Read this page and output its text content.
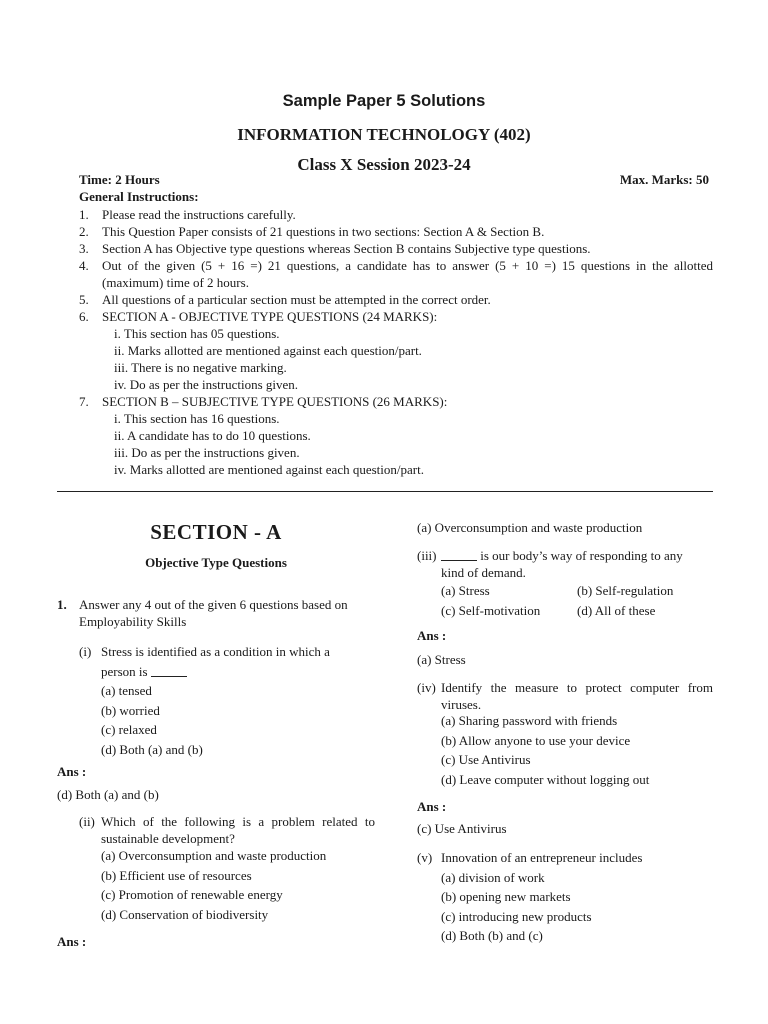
Sample Paper 5 Solutions
INFORMATION TECHNOLOGY (402)
Class X Session 2023-24
Time: 2 Hours	Max. Marks: 50
General Instructions:
1.	Please read the instructions carefully.
2.	This Question Paper consists of 21 questions in two sections: Section A & Section B.
3.	Section A has Objective type questions whereas Section B contains Subjective type questions.
4.	Out of the given (5 + 16 =) 21 questions, a candidate has to answer (5 + 10 =) 15 questions in the allotted (maximum) time of 2 hours.
5.	All questions of a particular section must be attempted in the correct order.
6.	SECTION A - OBJECTIVE TYPE QUESTIONS (24 MARKS):
i. This section has 05 questions.
ii. Marks allotted are mentioned against each question/part.
iii. There is no negative marking.
iv. Do as per the instructions given.
7.	SECTION B – SUBJECTIVE TYPE QUESTIONS (26 MARKS):
i. This section has 16 questions.
ii. A candidate has to do 10 questions.
iii. Do as per the instructions given.
iv. Marks allotted are mentioned against each question/part.
SECTION - A
Objective Type Questions
1. Answer any 4 out of the given 6 questions based on Employability Skills
(i) Stress is identified as a condition in which a
person is
(a) tensed
(b) worried
(c) relaxed
(d) Both (a) and (b)
Ans :
(d) Both (a) and (b)
(ii) Which of the following is a problem related to sustainable development?
(a) Overconsumption and waste production
(b) Efficient use of resources
(c) Promotion of renewable energy
(d) Conservation of biodiversity
Ans :
(a) Overconsumption and waste production
(iii)	is our body’s way of responding to any
kind of demand.
(a) Stress	(b) Self-regulation
(c) Self-motivation	(d) All of these
Ans :
(a) Stress
(iv) Identify the measure to protect computer from viruses.
(a) Sharing password with friends
(b) Allow anyone to use your device
(c) Use Antivirus
(d) Leave computer without logging out
Ans :
(c) Use Antivirus
(v) Innovation of an entrepreneur includes
(a) division of work
(b) opening new markets
(c) introducing new products
(d) Both (b) and (c)
